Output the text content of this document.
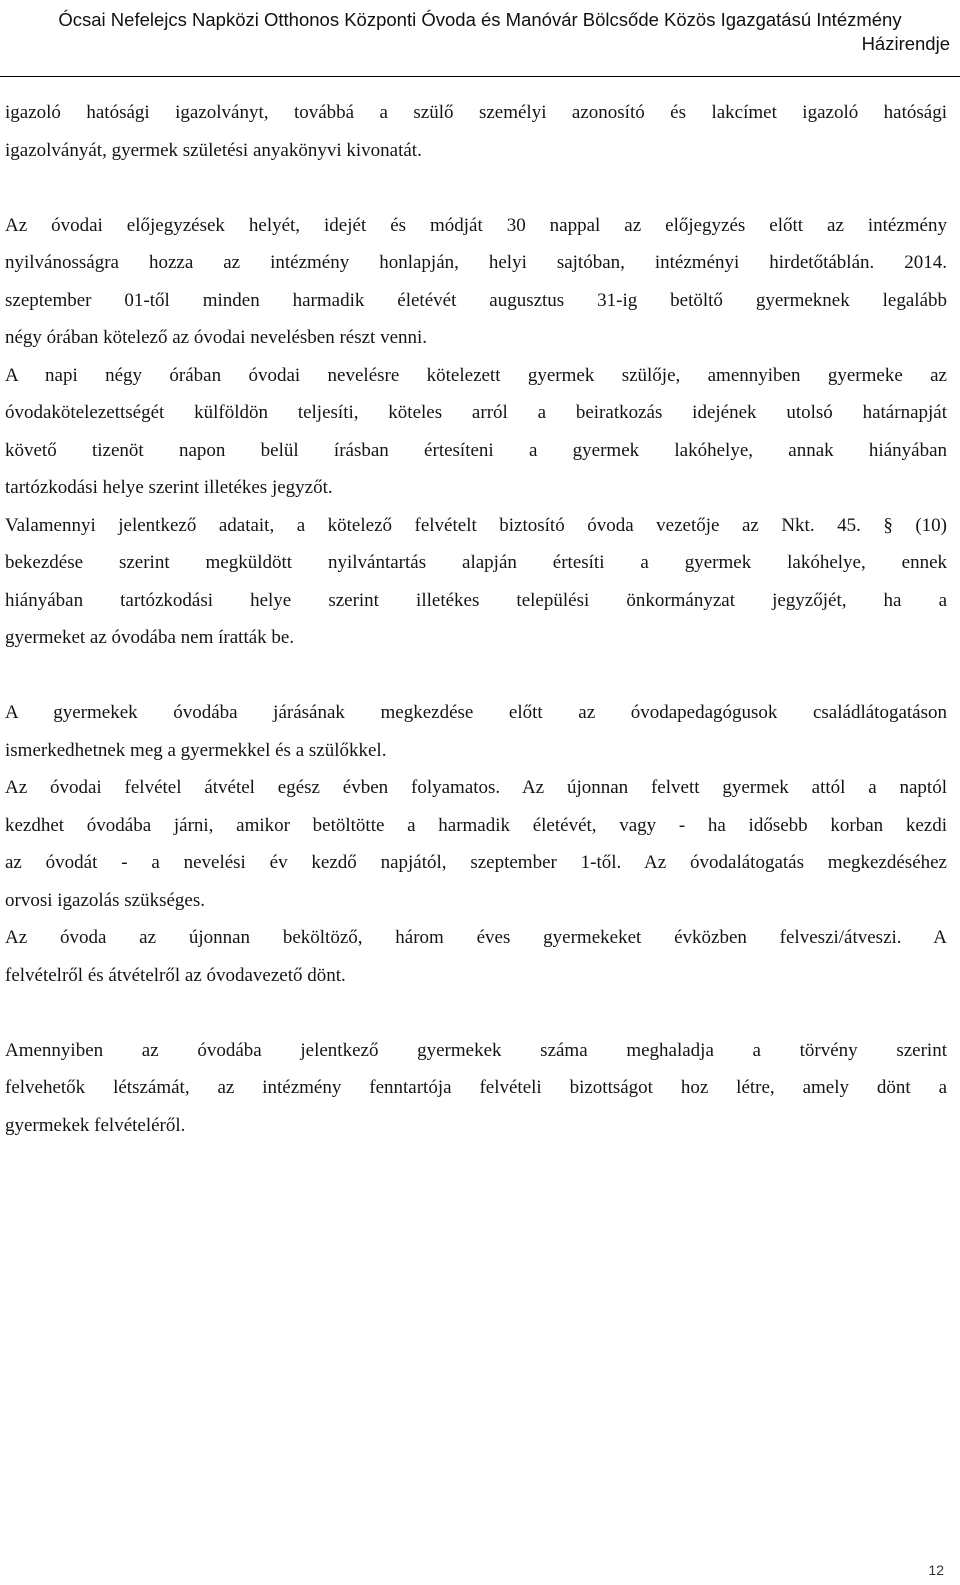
Ócsai Nefelejcs Napközi Otthonos Központi Óvoda és Manóvár Bölcsőde Közös Igazgatású Intézmény
Házirendje
igazoló hatósági igazolványt, továbbá a szülő személyi azonosító és lakcímet igazoló hatósági
igazolványát, gyermek születési anyakönyvi kivonatát.
Az óvodai előjegyzések helyét, idejét és módját 30 nappal az előjegyzés előtt az intézmény
nyilvánosságra hozza az intézmény honlapján, helyi sajtóban, intézményi hirdetőtáblán. 2014.
szeptember 01-től minden harmadik életévét augusztus 31-ig betöltő gyermeknek legalább
négy órában kötelező az óvodai nevelésben részt venni.
A napi négy órában óvodai nevelésre kötelezett gyermek szülője, amennyiben gyermeke az
óvodakötelezettségét külföldön teljesíti, köteles arról a beiratkozás idejének utolsó határnapját
követő tizenöt napon belül írásban értesíteni a gyermek lakóhelye, annak hiányában
tartózkodási helye szerint illetékes jegyzőt.
Valamennyi jelentkező adatait, a kötelező felvételt biztosító óvoda vezetője az Nkt. 45. § (10)
bekezdése szerint megküldött nyilvántartás alapján értesíti a gyermek lakóhelye, ennek
hiányában tartózkodási helye szerint illetékes települési önkormányzat jegyzőjét, ha a
gyermeket az óvodába nem íratták be.
A gyermekek óvodába járásának megkezdése előtt az óvodapedagógusok családlátogatáson
ismerkedhetnek meg a gyermekkel és a szülőkkel.
Az óvodai felvétel átvétel egész évben folyamatos. Az újonnan felvett gyermek attól a naptól
kezdhet óvodába járni, amikor betöltötte a harmadik életévét, vagy - ha idősebb korban kezdi
az óvodát - a nevelési év kezdő napjától, szeptember 1-től. Az óvodalátogatás megkezdéséhez
orvosi igazolás szükséges.
Az óvoda az újonnan beköltöző, három éves gyermekeket évközben felveszi/átveszi. A
felvételről és átvételről az óvodavezető dönt.
Amennyiben az óvodába jelentkező gyermekek száma meghaladja a törvény szerint
felvehetők létszámát, az intézmény fenntartója felvételi bizottságot hoz létre, amely dönt a
gyermekek felvételéről.
12
